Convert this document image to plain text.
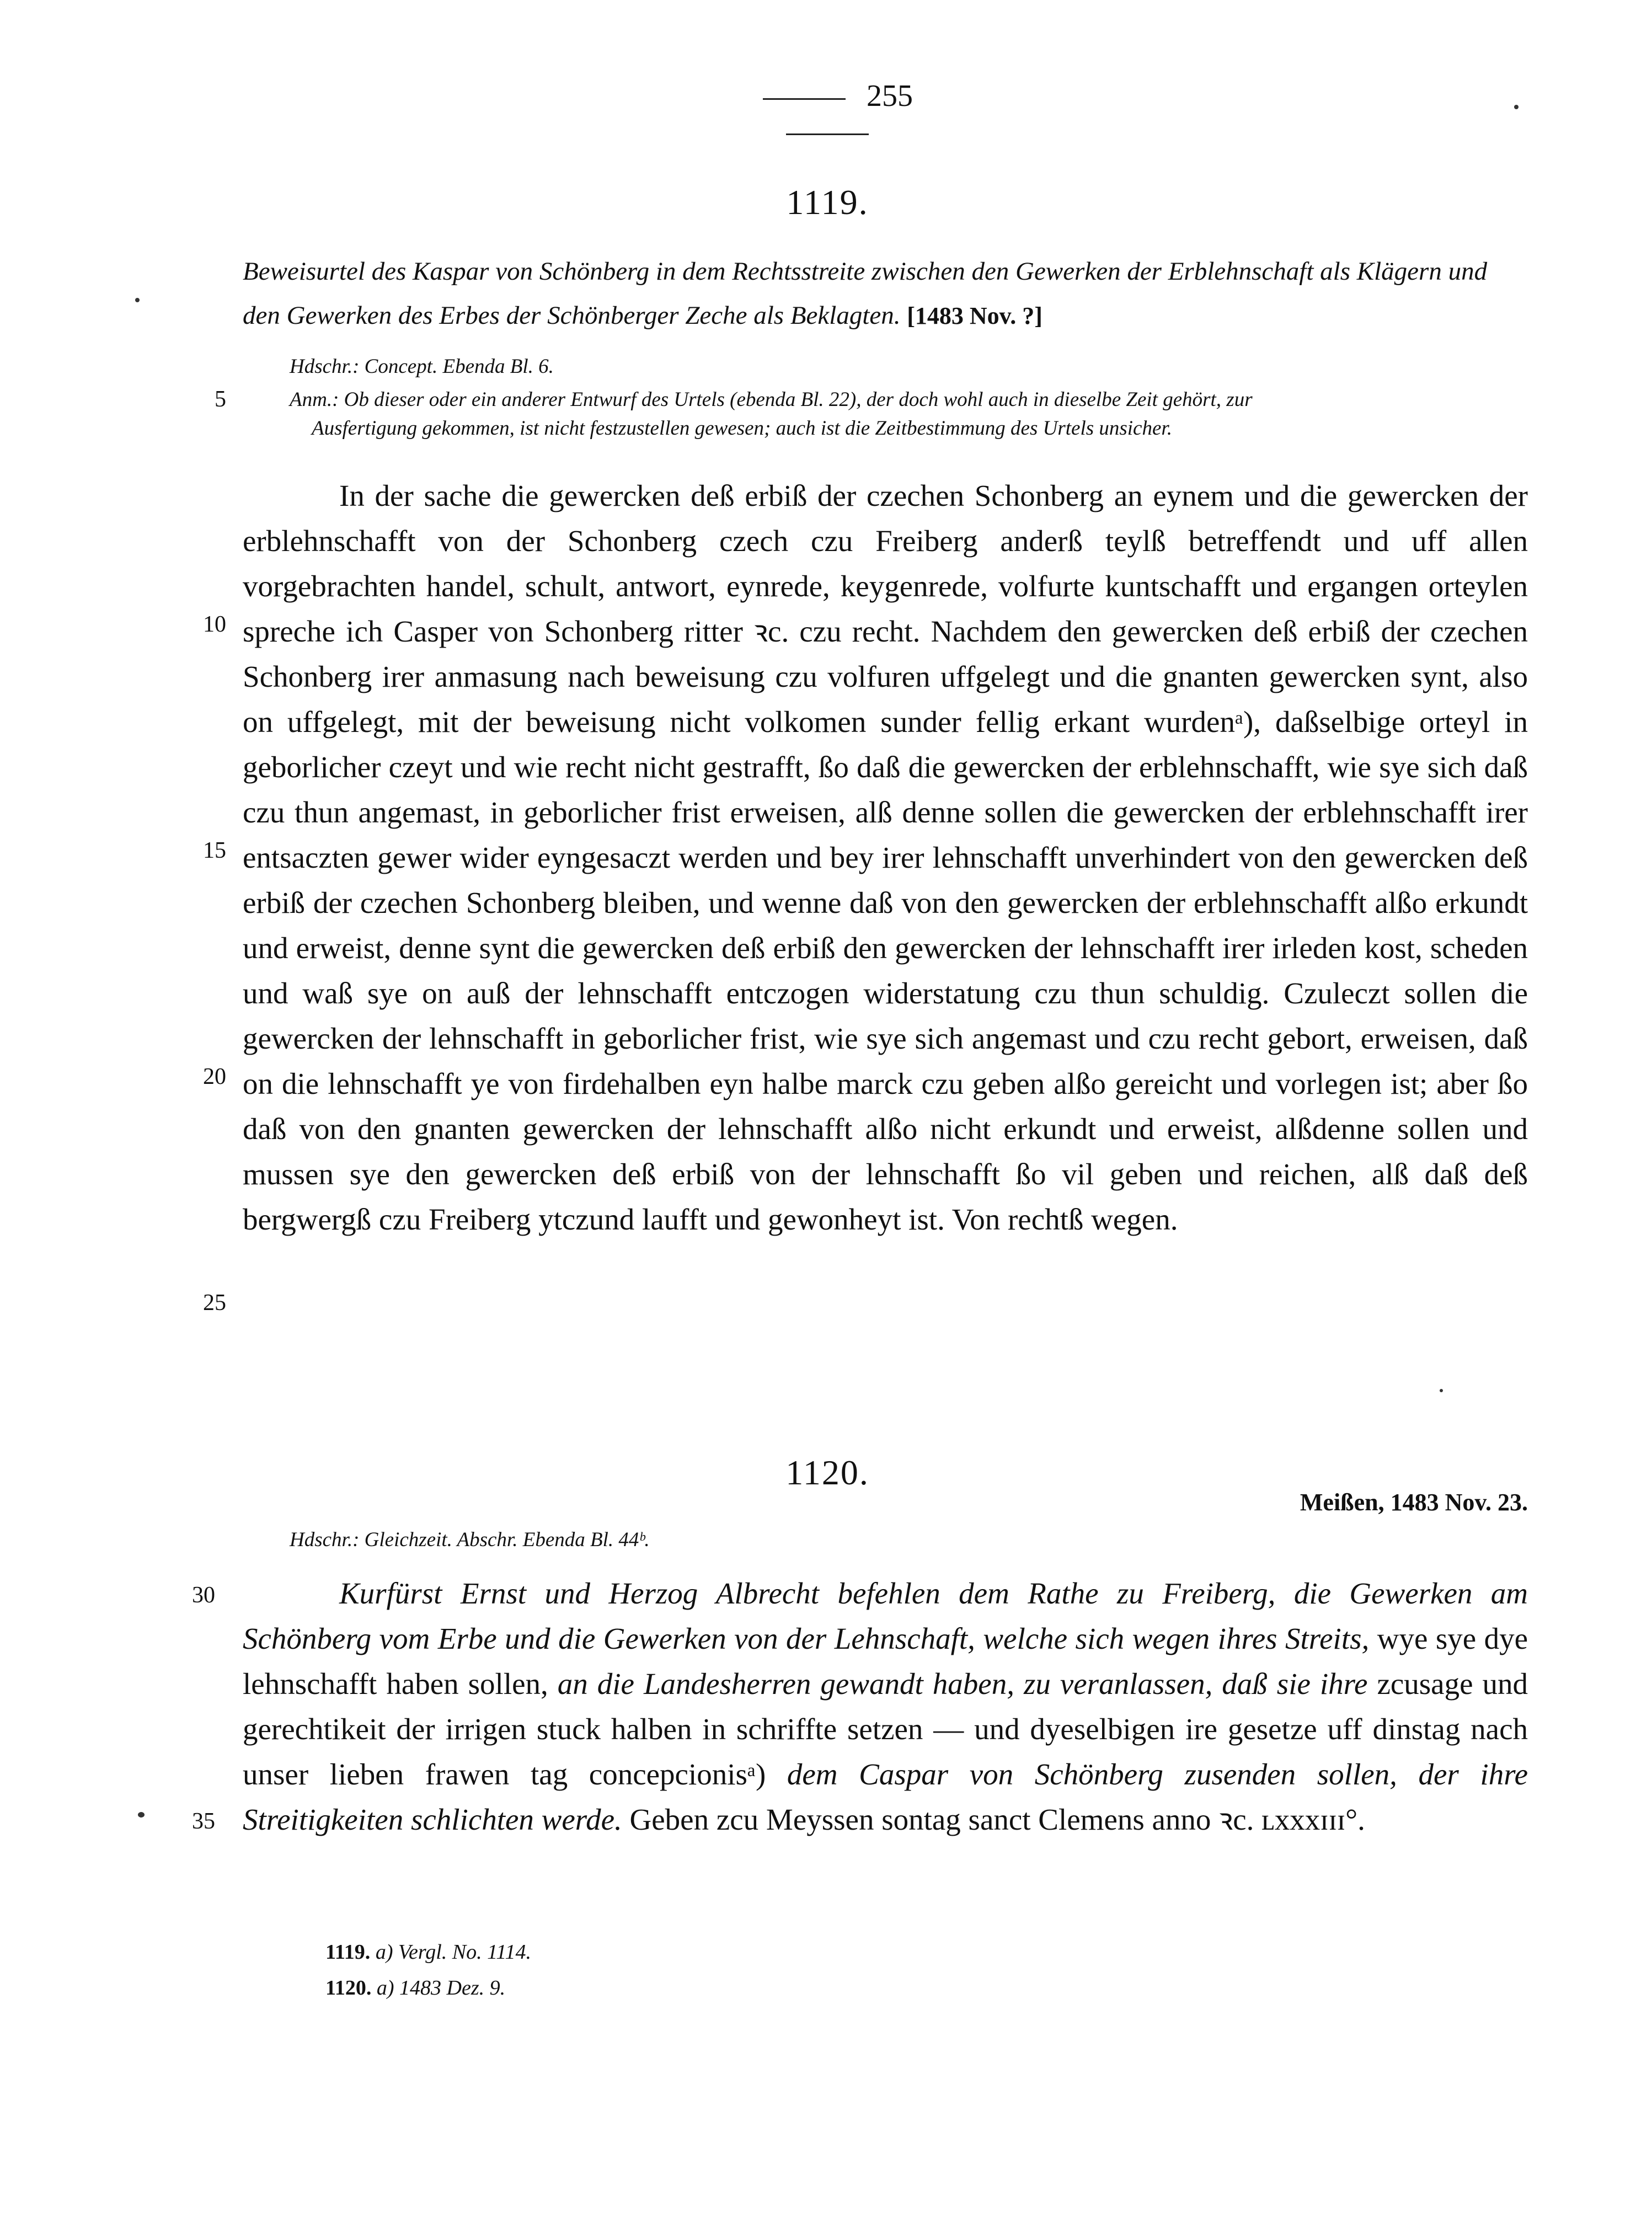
255
1119.
Beweisurtel des Kaspar von Schönberg in dem Rechtsstreite zwischen den Gewerken der Erblehnschaft als Klägern und den Gewerken des Erbes der Schönberger Zeche als Beklagten. [1483 Nov. ?]
Hdschr.: Concept. Ebenda Bl. 6.
Anm.: Ob dieser oder ein anderer Entwurf des Urtels (ebenda Bl. 22), der doch wohl auch in dieselbe Zeit gehört, zur
Ausfertigung gekommen, ist nicht festzustellen gewesen; auch ist die Zeitbestimmung des Urtels unsicher.

In der sache die gewercken deß erbiß der czechen Schonberg an eynem und die gewercken der erblehnschafft von der Schonberg czech czu Freiberg anderß teylß betreffendt und uff allen vorgebrachten handel, schult, antwort, eynrede, keygenrede, volfurte kuntschafft und ergangen orteylen spreche ich Casper von Schonberg ritter ꝛc. czu recht. Nachdem den gewercken deß erbiß der czechen Schonberg irer anmasung nach beweisung czu volfuren uffgelegt und die gnanten gewercken synt, also on uffgelegt, mit der beweisung nicht volkomen sunder fellig erkant wurdenᵃ), daßselbige orteyl in geborlicher czeyt und wie recht nicht gestrafft, ßo daß die gewercken der erblehnschafft, wie sye sich daß czu thun angemast, in geborlicher frist erweisen, alß denne sollen die gewercken der erblehnschafft irer entsaczten gewer wider eyngesaczt werden und bey irer lehnschafft unverhindert von den gewercken deß erbiß der czechen Schonberg bleiben, und wenne daß von den gewercken der erblehnschafft alßo erkundt und erweist, denne synt die gewercken deß erbiß den gewercken der lehnschafft irer irleden kost, scheden und waß sye on auß der lehnschafft entczogen widerstatung czu thun schuldig. Czuleczt sollen die gewercken der lehnschafft in geborlicher frist, wie sye sich angemast und czu recht gebort, erweisen, daß on die lehnschafft ye von firdehalben eyn halbe marck czu geben alßo gereicht und vorlegen ist; aber ßo daß von den gnanten gewercken der lehnschafft alßo nicht erkundt und erweist, alßdenne sollen und mussen sye den gewercken deß erbiß von der lehnschafft ßo vil geben und reichen, alß daß deß bergwergß czu Freiberg ytczund laufft und gewonheyt ist. Von rechtß wegen.

1120.
Meißen, 1483 Nov. 23.
Hdschr.: Gleichzeit. Abschr. Ebenda Bl. 44ᵇ.

Kurfürst Ernst und Herzog Albrecht befehlen dem Rathe zu Freiberg, die Gewerken am Schönberg vom Erbe und die Gewerken von der Lehnschaft, welche sich wegen ihres Streits, wye sye dye lehnschafft haben sollen, an die Landesherren gewandt haben, zu veranlassen, daß sie ihre zcusage und gerechtikeit der irrigen stuck halben in schriffte setzen — und dyeselbigen ire gesetze uff dinstag nach unser lieben frawen tag concepcionisᵃ) dem Caspar von Schönberg zusenden sollen, der ihre Streitigkeiten schlichten werde. Geben zcu Meyssen sontag sanct Clemens anno ꝛc. ʟxxxɪɪɪ°.

5
10
15
20
25
30
35
1119. a) Vergl. No. 1114.
1120. a) 1483 Dez. 9.
